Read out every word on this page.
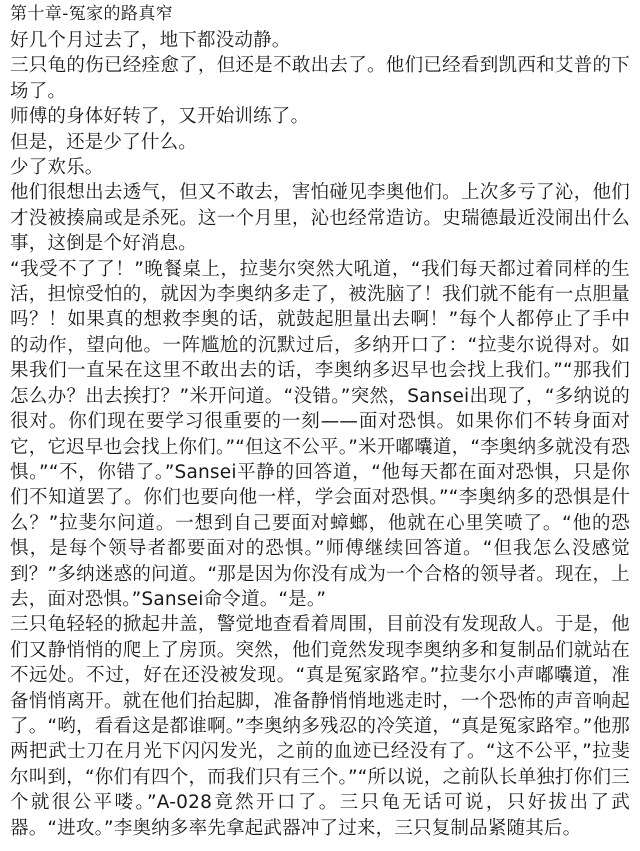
第十章-冤家的路真窄

好几个月过去了，地下都没动静。

三只龟的伤已经痊愈了，但还是不敢出去了。他们已经看到凯西和艾普的下场了。

师傅的身体好转了，又开始训练了。

但是，还是少了什么。

少了欢乐。

他们很想出去透气，但又不敢去，害怕碰见李奥他们。上次多亏了沁，他们才没被揍扁或是杀死。这一个月里，沁也经常造访。史瑞德最近没闹出什么事，这倒是个好消息。

“我受不了了！”晚餐桌上，拉斐尔突然大吼道，“我们每天都过着同样的生活，担惊受怕的，就因为李奥纳多走了，被洗脑了！我们就不能有一点胆量吗？！如果真的想救李奥的话，就鼓起胆量出去啊！”每个人都停止了手中的动作，望向他。一阵尴尬的沉默过后，多纳开口了：“拉斐尔说得对。如果我们一直呆在这里不敢出去的话，李奥纳多迟早也会找上我们。”“那我们怎么办？出去挨打？”米开问道。“没错。”突然，Sansei出现了，“多纳说的很对。你们现在要学习很重要的一刻——面对恐惧。如果你们不转身面对它，它迟早也会找上你们。”“但这不公平。”米开嘟囔道，“李奥纳多就没有恐惧。”“不，你错了。”Sansei平静的回答道，“他每天都在面对恐惧，只是你们不知道罢了。你们也要向他一样，学会面对恐惧。”“李奥纳多的恐惧是什么？”拉斐尔问道。一想到自己要面对蟑螂，他就在心里笑喷了。“他的恐惧，是每个领导者都要面对的恐惧。”师傅继续回答道。“但我怎么没感觉到？”多纳迷惑的问道。“那是因为你没有成为一个合格的领导者。现在，上去，面对恐惧。”Sansei命令道。“是。”

三只龟轻轻的掀起井盖，警觉地查看着周围，目前没有发现敌人。于是，他们又静悄悄的爬上了房顶。突然，他们竟然发现李奥纳多和复制品们就站在不远处。不过，好在还没被发现。“真是冤家路窄。”拉斐尔小声嘟囔道，准备悄悄离开。就在他们抬起脚，准备静悄悄地逃走时，一个恐怖的声音响起了。“哟，看看这是都谁啊。”李奥纳多残忍的冷笑道，“真是冤家路窄。”他那两把武士刀在月光下闪闪发光，之前的血迹已经没有了。“这不公平，”拉斐尔叫到，“你们有四个，而我们只有三个。”“所以说，之前队长单独打你们三个就很公平喽。”A-028竟然开口了。三只龟无话可说，只好拔出了武器。“进攻。”李奥纳多率先拿起武器冲了过来，三只复制品紧随其后。
